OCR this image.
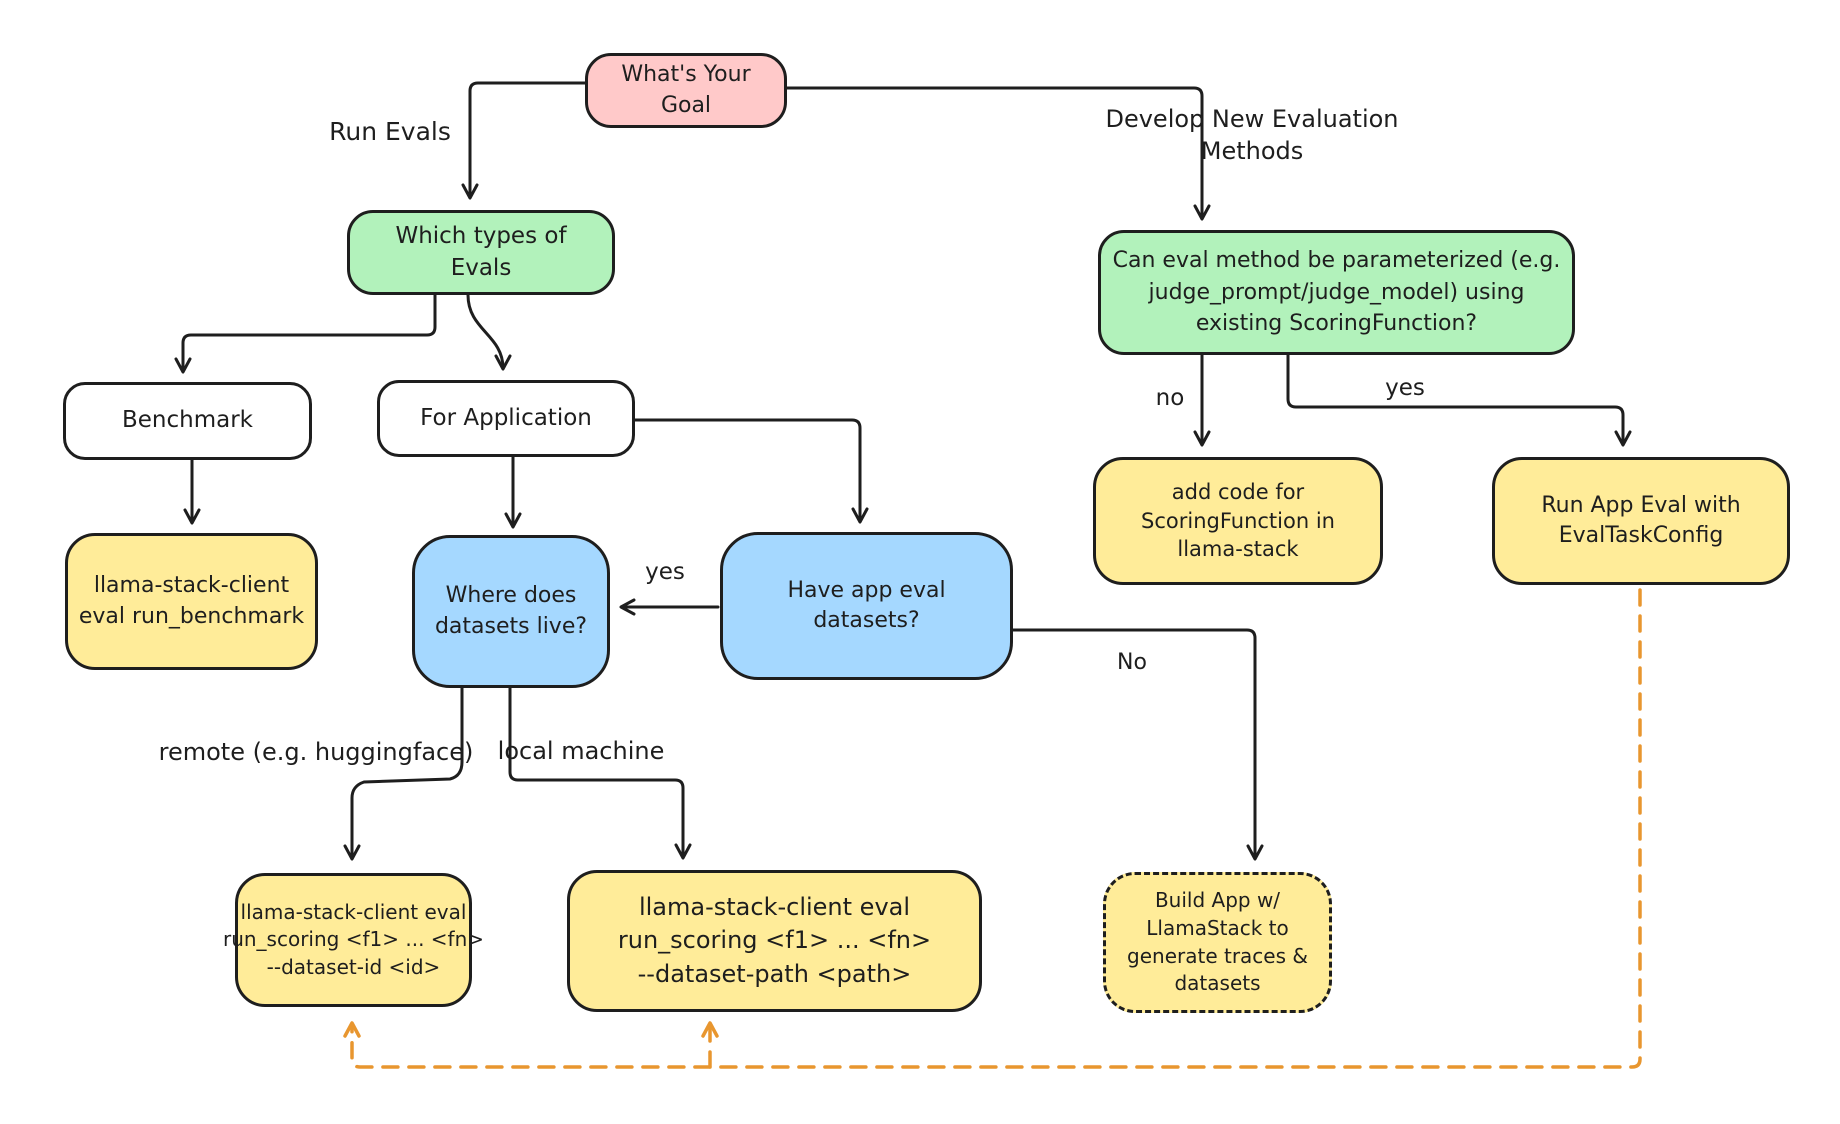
What's Your
Goal
Which types of
Evals	Can eval method be parameterized (e.g.
judge_prompt/judge_model) using
existing ScoringFunction?
Benchmark	For Application
llama-stack-client
eval run_benchmark
Where does
datasets live?
Have app eval
datasets?
add code for
ScoringFunction in
llama-stack
Run App Eval with
EvalTaskConfig
llama-stack-client eval
run_scoring <f1> ... <fn>
--dataset-id <id>
llama-stack-client eval
run_scoring <f1> ... <fn>
--dataset-path <path>
Build App w/
LlamaStack to
generate traces &
datasets
Run Evals	Develop New Evaluation
Methods
no	yes
yes
No
remote (e.g. huggingface) local machine
